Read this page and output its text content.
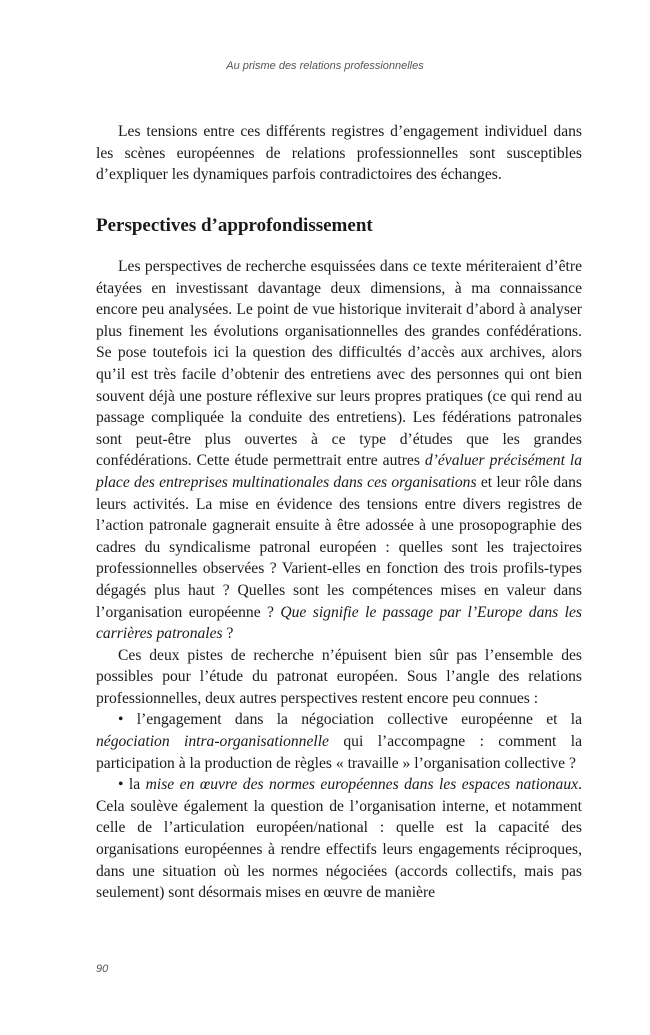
Au prisme des relations professionnelles

Les tensions entre ces différents registres d’engagement individuel dans les scènes européennes de relations professionnelles sont susceptibles d’expliquer les dynamiques parfois contradictoires des échanges.

Perspectives d’approfondissement

Les perspectives de recherche esquissées dans ce texte mériteraient d’être étayées en investissant davantage deux dimensions, à ma connaissance encore peu analysées. Le point de vue historique inviterait d’abord à analyser plus finement les évolutions organisationnelles des grandes confédérations. Se pose toutefois ici la question des difficultés d’accès aux archives, alors qu’il est très facile d’obtenir des entretiens avec des personnes qui ont bien souvent déjà une posture réflexive sur leurs propres pratiques (ce qui rend au passage compliquée la conduite des entretiens). Les fédérations patronales sont peut-être plus ouvertes à ce type d’études que les grandes confédérations. Cette étude permettrait entre autres d’évaluer précisément la place des entreprises multinationales dans ces organisations et leur rôle dans leurs activités. La mise en évidence des tensions entre divers registres de l’action patronale gagnerait ensuite à être adossée à une prosopographie des cadres du syndicalisme patronal européen : quelles sont les trajectoires professionnelles observées ? Varient-elles en fonction des trois profils-types dégagés plus haut ? Quelles sont les compétences mises en valeur dans l’organisation européenne ? Que signifie le passage par l’Europe dans les carrières patronales ?

Ces deux pistes de recherche n’épuisent bien sûr pas l’ensemble des possibles pour l’étude du patronat européen. Sous l’angle des relations professionnelles, deux autres perspectives restent encore peu connues :

• l’engagement dans la négociation collective européenne et la négociation intra-organisationnelle qui l’accompagne : comment la participation à la production de règles « travaille » l’organisation collective ?

• la mise en œuvre des normes européennes dans les espaces nationaux. Cela soulève également la question de l’organisation interne, et notamment celle de l’articulation européen/national : quelle est la capacité des organisations européennes à rendre effectifs leurs engagements réciproques, dans une situation où les normes négociées (accords collectifs, mais pas seulement) sont désormais mises en œuvre de manière

90
